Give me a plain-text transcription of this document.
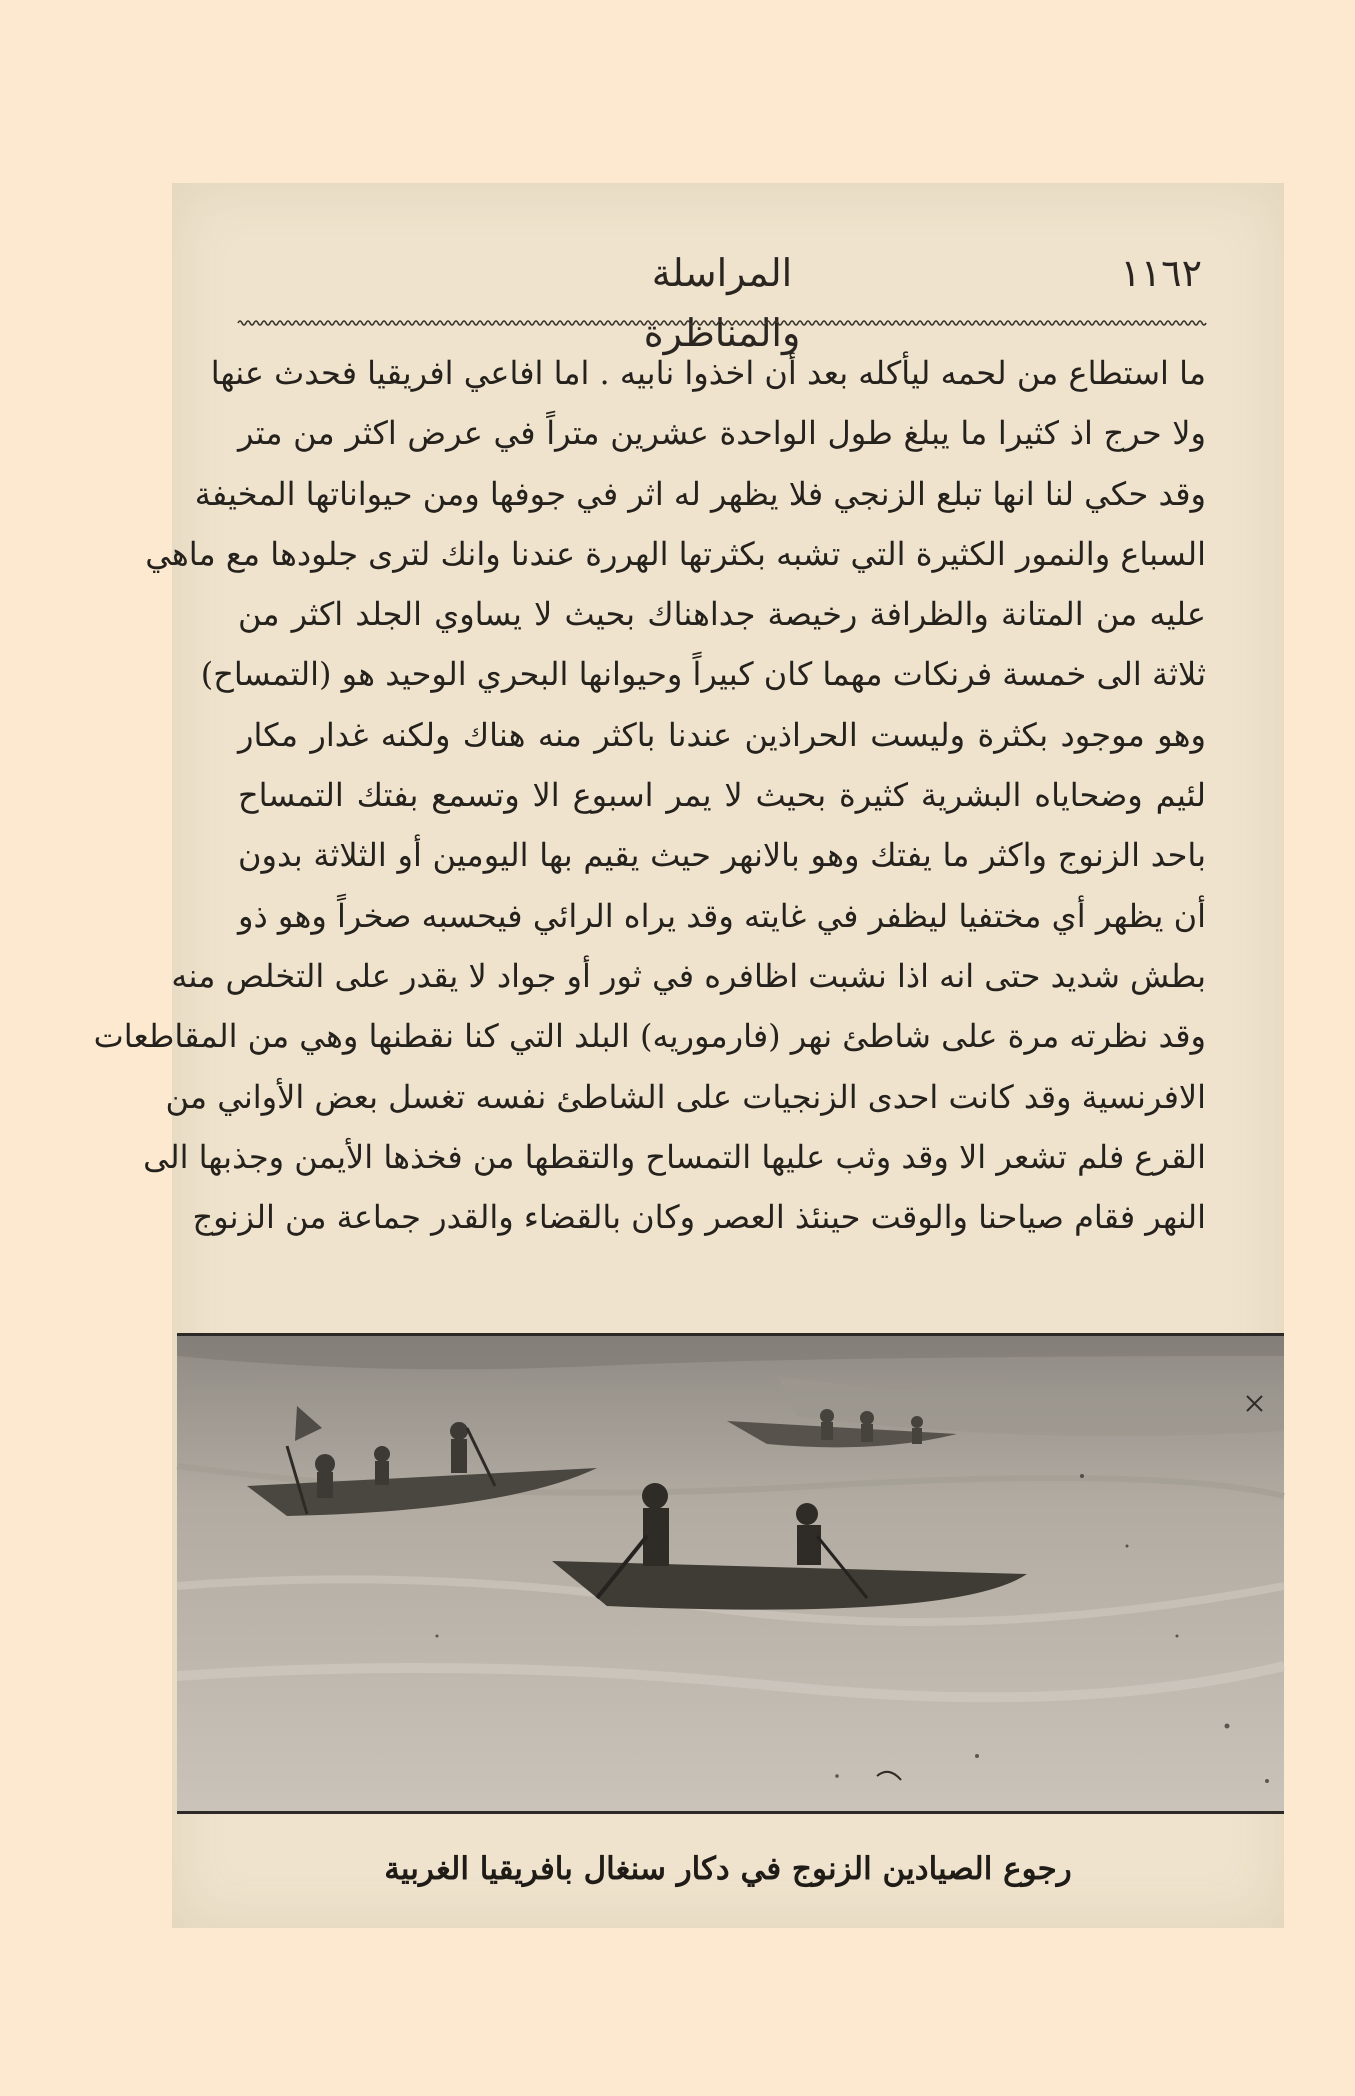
١١٦٢
المراسلة والمناظرة
ما استطاع من لحمه ليأكله بعد أن اخذوا نابيه . اما افاعي افريقيا فحدث عنها
ولا حرج اذ كثيرا ما يبلغ طول الواحدة عشرين متراً في عرض اكثر من متر
وقد حكي لنا انها تبلع الزنجي فلا يظهر له اثر في جوفها ومن حيواناتها المخيفة
السباع والنمور الكثيرة التي تشبه بكثرتها الهررة عندنا وانك لترى جلودها مع ماهي
عليه من المتانة والظرافة رخيصة جداهناك بحيث لا يساوي الجلد اكثر من
ثلاثة الى خمسة فرنكات مهما كان كبيراً وحيوانها البحري الوحيد هو (التمساح)
وهو موجود بكثرة وليست الحراذين عندنا باكثر منه هناك ولكنه غدار مكار
لئيم وضحاياه البشرية كثيرة بحيث لا يمر اسبوع الا وتسمع بفتك التمساح
باحد الزنوج واكثر ما يفتك وهو بالانهر حيث يقيم بها اليومين أو الثلاثة بدون
أن يظهر أي مختفيا ليظفر في غايته وقد يراه الرائي فيحسبه صخراً وهو ذو
بطش شديد حتى انه اذا نشبت اظافره في ثور أو جواد لا يقدر على التخلص منه
وقد نظرته مرة على شاطئ نهر (فارموريه) البلد التي كنا نقطنها وهي من المقاطعات
الافرنسية وقد كانت احدى الزنجيات على الشاطئ نفسه تغسل بعض الأواني من
القرع فلم تشعر الا وقد وثب عليها التمساح والتقطها من فخذها الأيمن وجذبها الى
النهر فقام صياحنا والوقت حينئذ العصر وكان بالقضاء والقدر جماعة من الزنوج
رجوع الصيادين الزنوج في دكار سنغال بافريقيا الغربية
